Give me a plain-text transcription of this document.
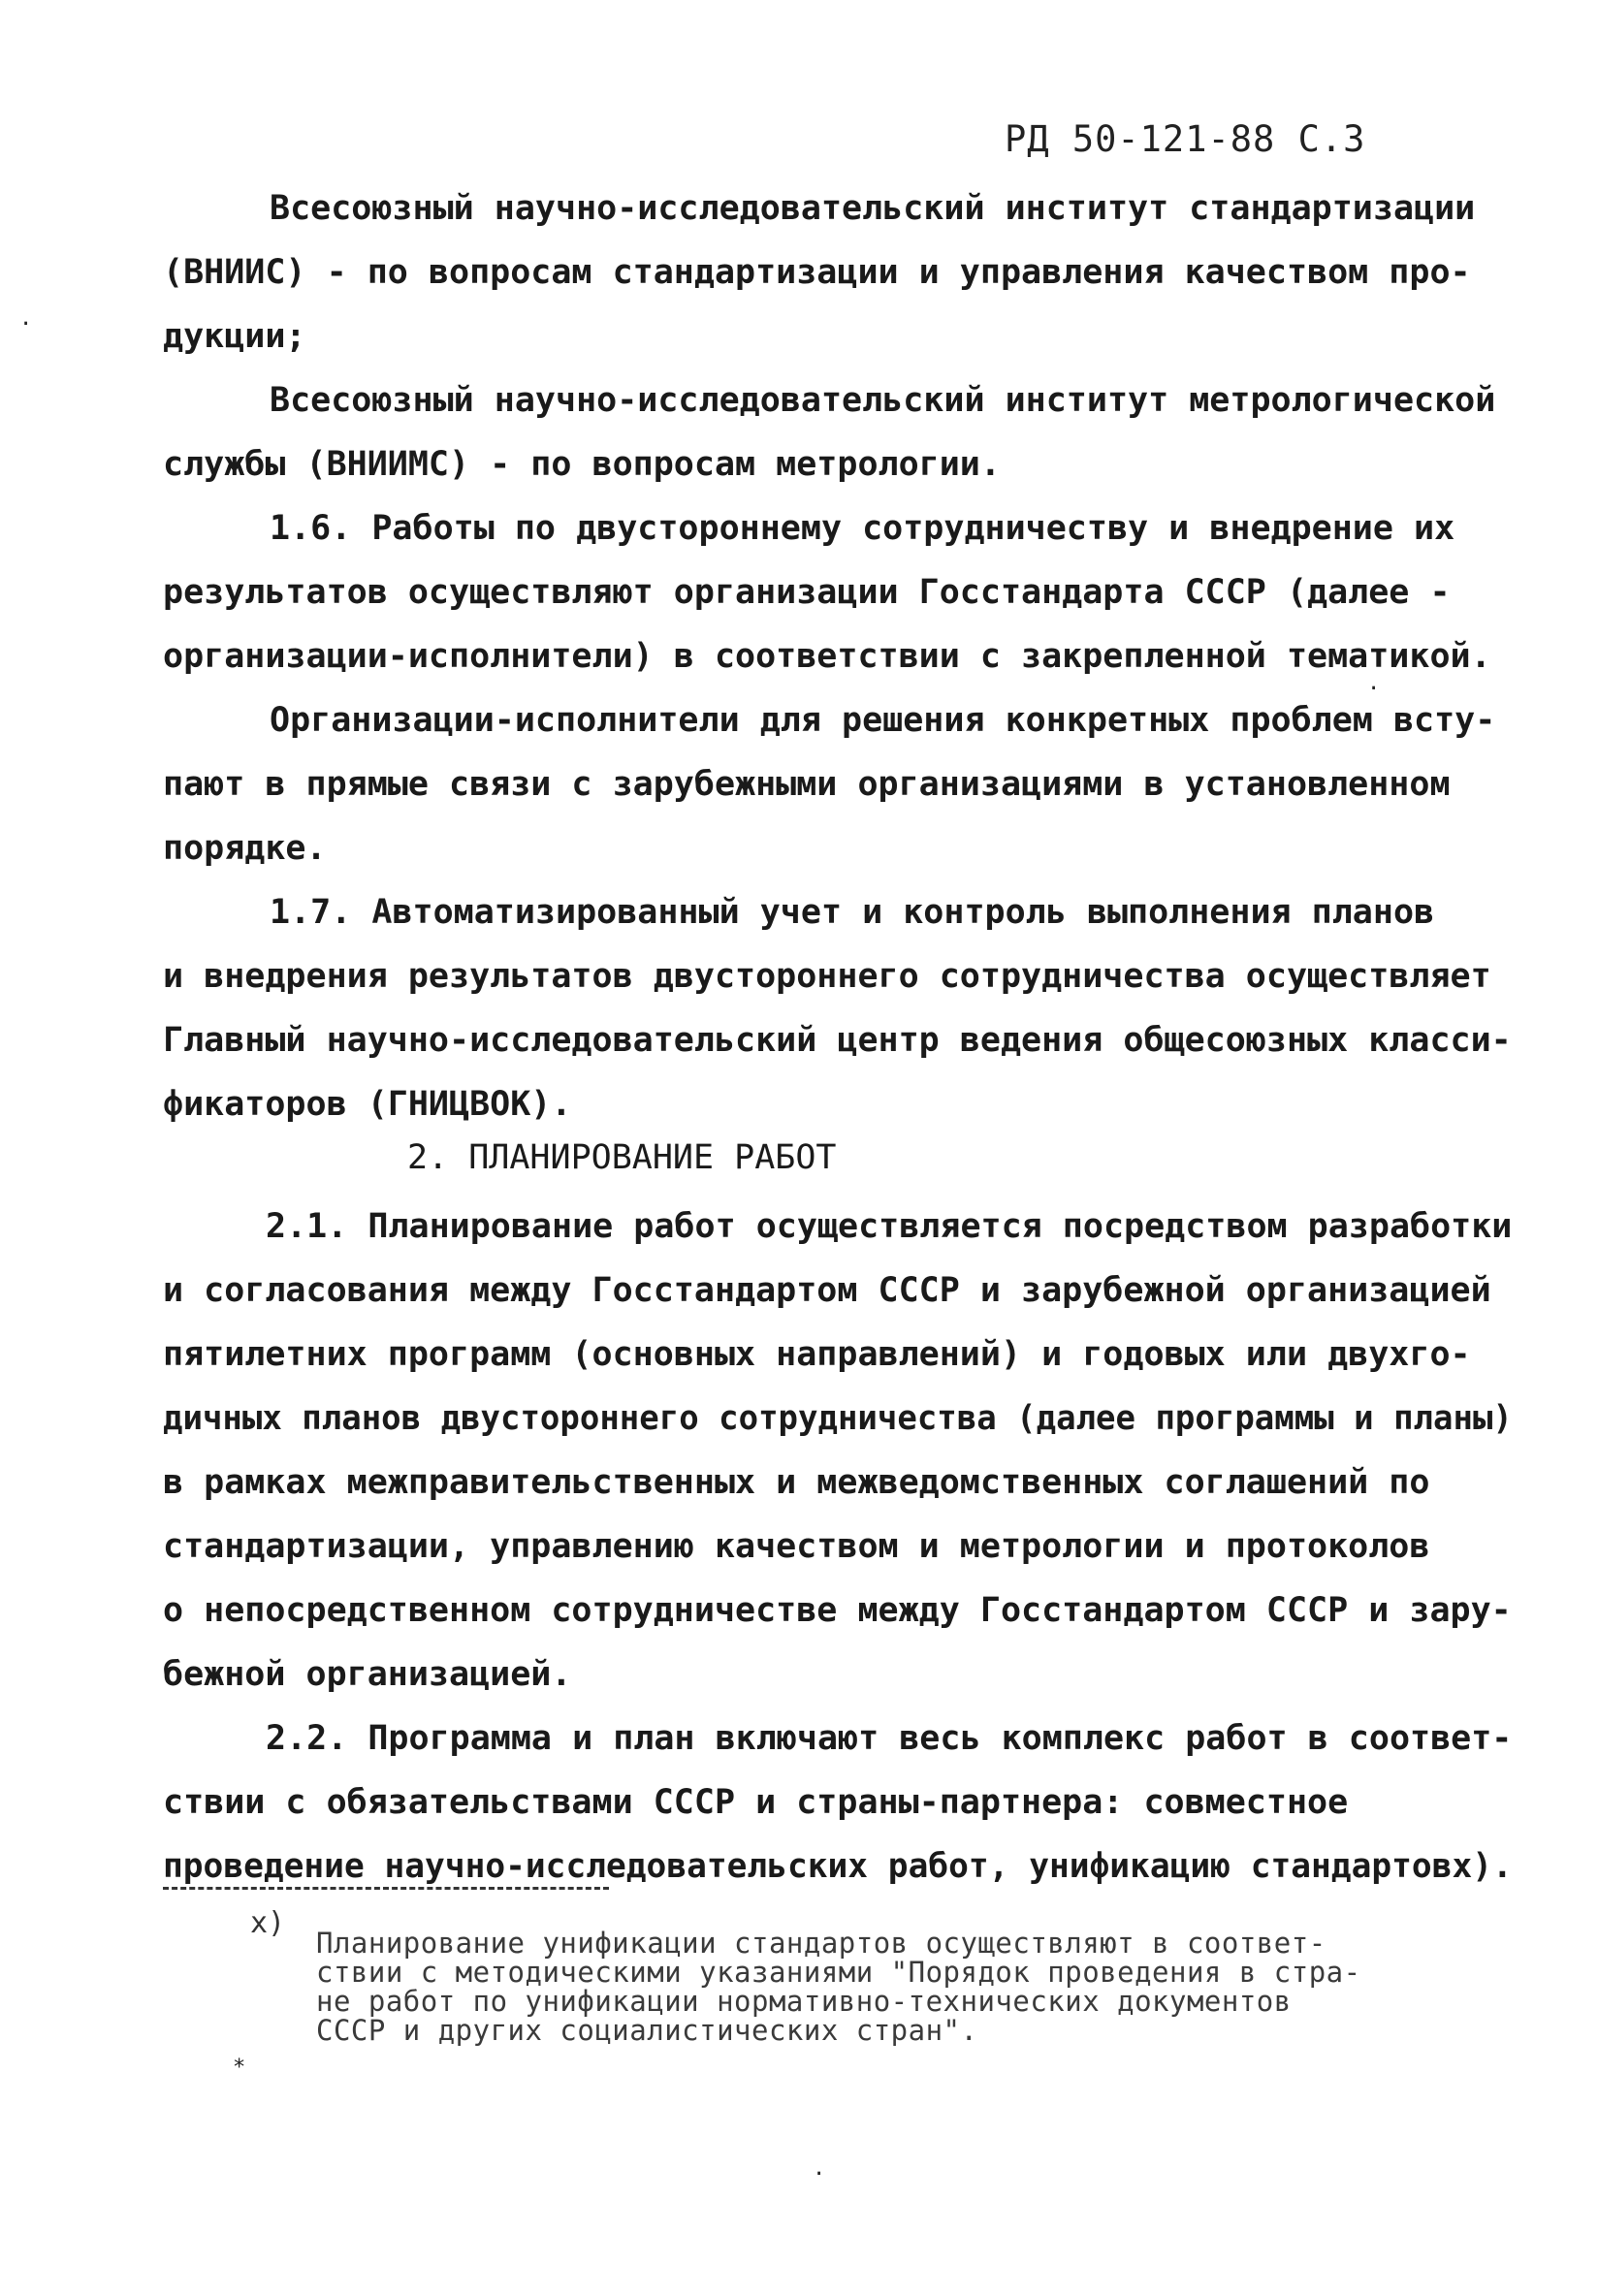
РД 50-121-88 С.3
Всесоюзный научно-исследовательский институт стандартизации
(ВНИИС) - по вопросам стандартизации и управления качеством про-
дукции;
Всесоюзный научно-исследовательский институт метрологической
службы (ВНИИМС) - по вопросам метрологии.
1.6. Работы по двустороннему сотрудничеству и внедрение их
результатов осуществляют организации Госстандарта СССР (далее -
организации-исполнители) в соответствии с закрепленной тематикой.
Организации-исполнители для решения конкретных проблем всту-
пают в прямые связи с зарубежными организациями в установленном
порядке.
1.7. Автоматизированный учет и контроль выполнения планов
и внедрения результатов двустороннего сотрудничества осуществляет
Главный научно-исследовательский центр ведения общесоюзных класси-
фикаторов (ГНИЦВОК).
2. ПЛАНИРОВАНИЕ РАБОТ
2.1. Планирование работ осуществляется посредством разработки
и согласования между Госстандартом СССР и зарубежной организацией
пятилетних программ (основных направлений) и годовых или двухго-
дичных планов двустороннего сотрудничества (далее программы и планы)
в рамках межправительственных и межведомственных соглашений по
стандартизации, управлению качеством и метрологии и протоколов
о непосредственном сотрудничестве между Госстандартом СССР и зару-
бежной организацией.
2.2. Программа и план включают весь комплекс работ в соответ-
ствии с обязательствами СССР и страны-партнера: совместное
проведение научно-исследовательских работ, унификацию стандартовx).
x)
Планирование унификации стандартов осуществляют в соответ-
ствии с методическими указаниями "Порядок проведения в стра-
не работ по унификации нормативно-технических документов
СССР и других социалистических стран".
·
*
·
·
